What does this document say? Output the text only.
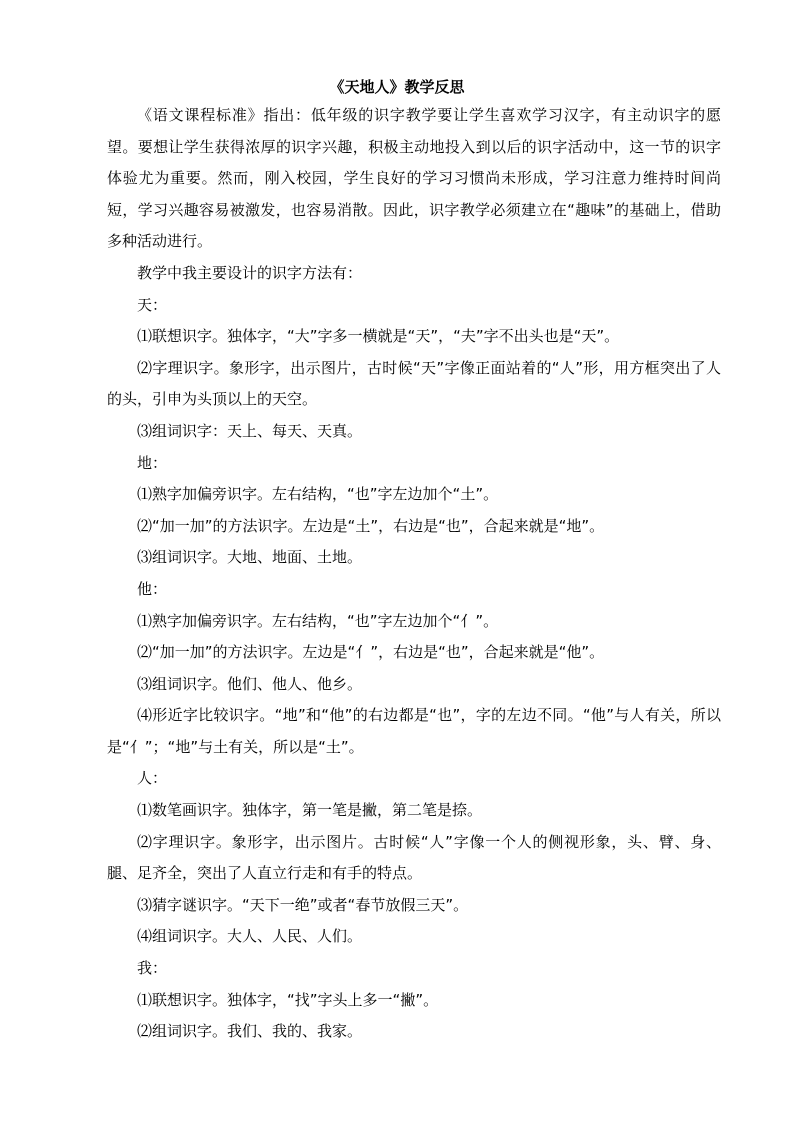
《天地人》教学反思

《语文课程标准》指出：低年级的识字教学要让学生喜欢学习汉字，有主动识字的愿望。要想让学生获得浓厚的识字兴趣，积极主动地投入到以后的识字活动中，这一节的识字体验尤为重要。然而，刚入校园，学生良好的学习习惯尚未形成，学习注意力维持时间尚短，学习兴趣容易被激发，也容易消散。因此，识字教学必须建立在“趣味”的基础上，借助多种活动进行。

教学中我主要设计的识字方法有：

天：

⑴联想识字。独体字，“大”字多一横就是“天”，“夫”字不出头也是“天”。

⑵字理识字。象形字，出示图片，古时候“天”字像正面站着的“人”形，用方框突出了人的头，引申为头顶以上的天空。

⑶组词识字：天上、每天、天真。

地：

⑴熟字加偏旁识字。左右结构，“也”字左边加个“土”。

⑵“加一加”的方法识字。左边是“土”，右边是“也”，合起来就是“地”。

⑶组词识字。大地、地面、土地。

他：

⑴熟字加偏旁识字。左右结构，“也”字左边加个“亻”。

⑵“加一加”的方法识字。左边是“亻”，右边是“也”，合起来就是“他”。

⑶组词识字。他们、他人、他乡。

⑷形近字比较识字。“地”和“他”的右边都是“也”，字的左边不同。“他”与人有关，所以是“亻”；“地”与土有关，所以是“土”。

人：

⑴数笔画识字。独体字，第一笔是撇，第二笔是捺。

⑵字理识字。象形字，出示图片。古时候“人”字像一个人的侧视形象，头、臂、身、腿、足齐全，突出了人直立行走和有手的特点。

⑶猜字谜识字。“天下一绝”或者“春节放假三天”。

⑷组词识字。大人、人民、人们。

我：

⑴联想识字。独体字，“找”字头上多一“撇”。

⑵组词识字。我们、我的、我家。
